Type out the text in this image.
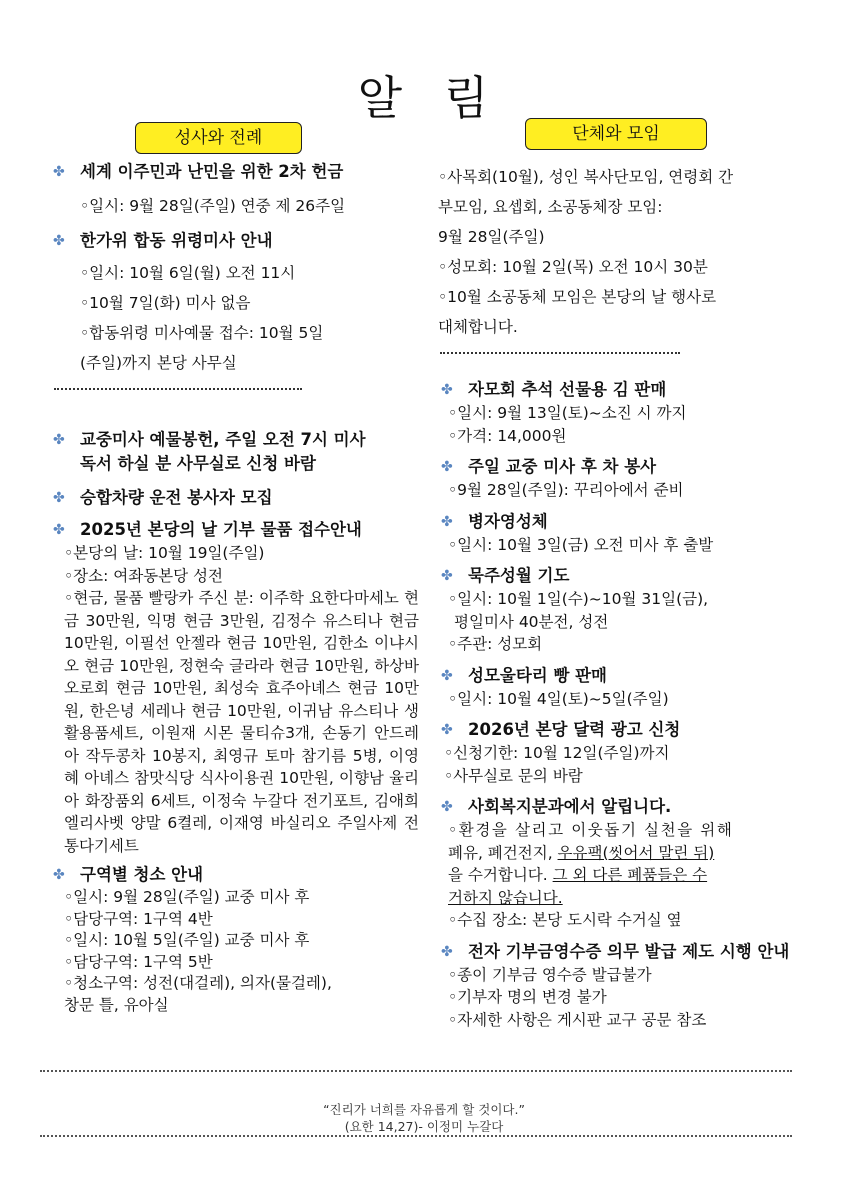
알 림
성사와 전례	단체와 모임
✤ 세계 이주민과 난민을 위한 2차 헌금
◦일시: 9월 28일(주일) 연중 제 26주일
✤ 한가위 합동 위령미사 안내
◦일시: 10월 6일(월) 오전 11시
◦10월 7일(화) 미사 없음
◦합동위령 미사예물 접수: 10월 5일
(주일)까지 본당 사무실
✤ 교중미사 예물봉헌, 주일 오전 7시 미사
독서 하실 분 사무실로 신청 바람
✤ 승합차량 운전 봉사자 모집
✤ 2025년 본당의 날 기부 물품 접수안내
◦본당의 날: 10월 19일(주일)
◦장소: 여좌동본당 성전
◦현금, 물품 빨랑카 주신 분: 이주학 요한다마세노 현금 30만원, 익명 현금 3만원, 김정수 유스티나 현금 10만원, 이필선 안젤라 현금 10만원, 김한소 이냐시오 현금 10만원, 정현숙 글라라 현금 10만원, 하상바오로회 현금 10만원, 최성숙 효주아녜스 현금 10만원, 한은녕 세레나 현금 10만원, 이귀남 유스티나 생활용품세트, 이원재 시몬 물티슈3개, 손동기 안드레아 작두콩차 10봉지, 최영규 토마 참기름 5병, 이영혜 아녜스 참맛식당 식사이용권 10만원, 이향남 율리아 화장품외 6세트, 이정숙 누갈다 전기포트, 김애희 엘리사벳 양말 6켤레, 이재영 바실리오 주일사제 전통다기세트
✤ 구역별 청소 안내
◦일시: 9월 28일(주일) 교중 미사 후
◦담당구역: 1구역 4반
◦일시: 10월 5일(주일) 교중 미사 후
◦담당구역: 1구역 5반
◦청소구역: 성전(대걸레), 의자(물걸레),
창문 틀, 유아실
◦사목회(10월), 성인 복사단모임, 연령회 간
부모임, 요셉회, 소공동체장 모임:
9월 28일(주일)
◦성모회: 10월 2일(목) 오전 10시 30분
◦10월 소공동체 모임은 본당의 날 행사로
대체합니다.
✤ 자모회 추석 선물용 김 판매
◦일시: 9월 13일(토)~소진 시 까지
◦가격: 14,000원
✤ 주일 교중 미사 후 차 봉사
◦9월 28일(주일): 꾸리아에서 준비
✤ 병자영성체
◦일시: 10월 3일(금) 오전 미사 후 출발
✤ 묵주성월 기도
◦일시: 10월 1일(수)~10월 31일(금),
평일미사 40분전, 성전
◦주관: 성모회
✤ 성모울타리 빵 판매
◦일시: 10월 4일(토)~5일(주일)
✤ 2026년 본당 달력 광고 신청
◦신청기한: 10월 12일(주일)까지
◦사무실로 문의 바람
✤ 사회복지분과에서 알립니다.
◦환경을 살리고 이웃돕기 실천을 위해
폐유, 폐건전지, 우유팩(씻어서 말린 뒤)
을 수거합니다. 그 외 다른 폐품들은 수
거하지 않습니다.
◦수집 장소: 본당 도시락 수거실 옆
✤ 전자 기부금영수증 의무 발급 제도 시행 안내
◦종이 기부금 영수증 발급불가
◦기부자 명의 변경 불가
◦자세한 사항은 게시판 교구 공문 참조
“진리가 너희를 자유롭게 할 것이다.”
(요한 14,27)- 이정미 누갈다
